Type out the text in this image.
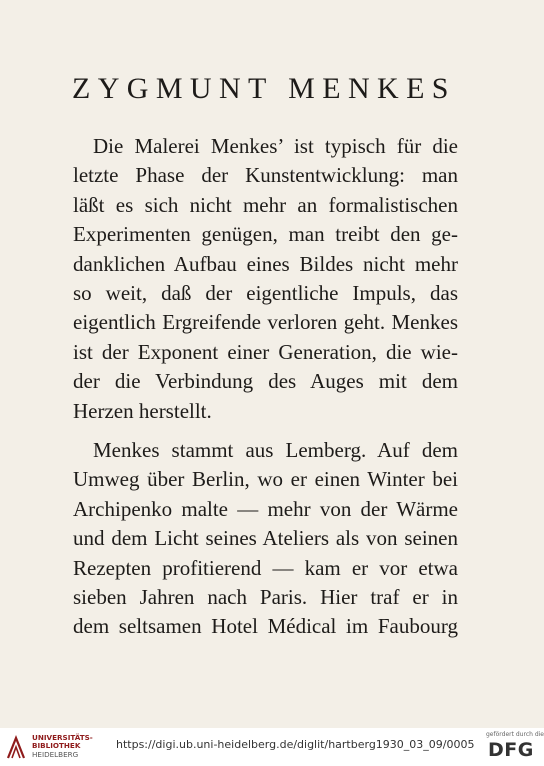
ZYGMUNT MENKES
Die Malerei Menkes’ ist typisch für die
letzte Phase der Kunstentwicklung: man
läßt es sich nicht mehr an formalistischen
Experimenten genügen, man treibt den ge-
danklichen Aufbau eines Bildes nicht mehr
so weit, daß der eigentliche Impuls, das
eigentlich Ergreifende verloren geht. Menkes
ist der Exponent einer Generation, die wie-
der die Verbindung des Auges mit dem
Herzen herstellt.
Menkes stammt aus Lemberg. Auf dem
Umweg über Berlin, wo er einen Winter bei
Archipenko malte — mehr von der Wärme
und dem Licht seines Ateliers als von seinen
Rezepten profitierend — kam er vor etwa
sieben Jahren nach Paris. Hier traf er in
dem seltsamen Hotel Médical im Faubourg
UNIVERSITÄTS-
BIBLIOTHEK
HEIDELBERG
https://digi.ub.uni-heidelberg.de/diglit/hartberg1930_03_09/0005
gefördert durch die
DFG
